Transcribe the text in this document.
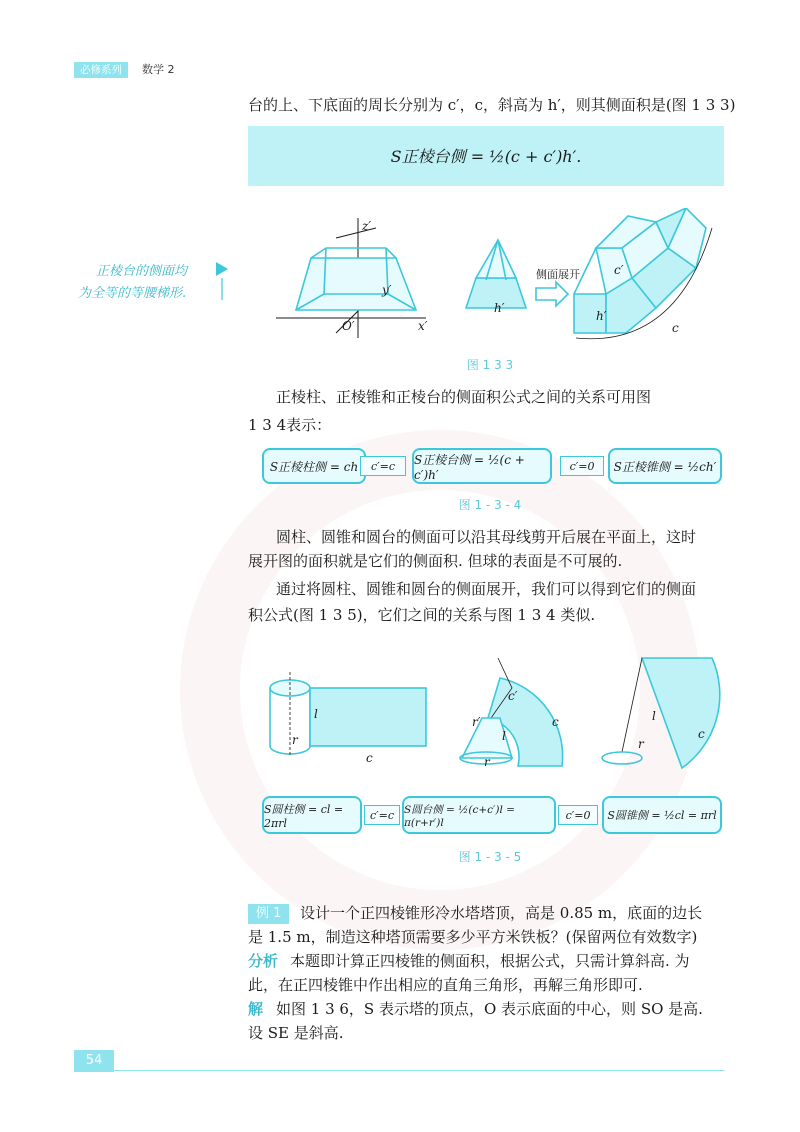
必修系列	数学 2
台的上、下底面的周长分别为 c′，c，斜高为 h′，则其侧面积是(图 1 3 3)
S正棱台侧 = ½(c + c′)h′.
正棱台的侧面均
为全等的等腰梯形.
z′
y′
x′
O′
h′
h′
c′
c
侧面展开
图 1 3 3
正棱柱、正棱锥和正棱台的侧面积公式之间的关系可用图
1 3 4表示：
S正棱柱侧 = ch	c′=c	S正棱台侧 = ½(c + c′)h′
c′=0	S正棱锥侧 = ½ch′
图 1 - 3 - 4
圆柱、圆锥和圆台的侧面可以沿其母线剪开后展在平面上，这时
展开图的面积就是它们的侧面积. 但球的表面是不可展的.
通过将圆柱、圆锥和圆台的侧面展开，我们可以得到它们的侧面
积公式(图 1 3 5)，它们之间的关系与图 1 3 4 类似.
l
r
c
c′
r′
l
r
c	l
r
c
S圆柱侧 = cl = 2πrl
c′=c S圆台侧 = ½(c+c′)l = π(r+r′)l
c′=0	S圆锥侧 = ½cl = πrl
图 1 - 3 - 5
例 1	设计一个正四棱锥形冷水塔塔顶，高是 0.85 m，底面的边长
是 1.5 m，制造这种塔顶需要多少平方米铁板？(保留两位有效数字)
分析 本题即计算正四棱锥的侧面积，根据公式，只需计算斜高. 为
此，在正四棱锥中作出相应的直角三角形，再解三角形即可.
解 如图 1 3 6，S 表示塔的顶点，O 表示底面的中心，则 SO 是高.
设 SE 是斜高.
54
